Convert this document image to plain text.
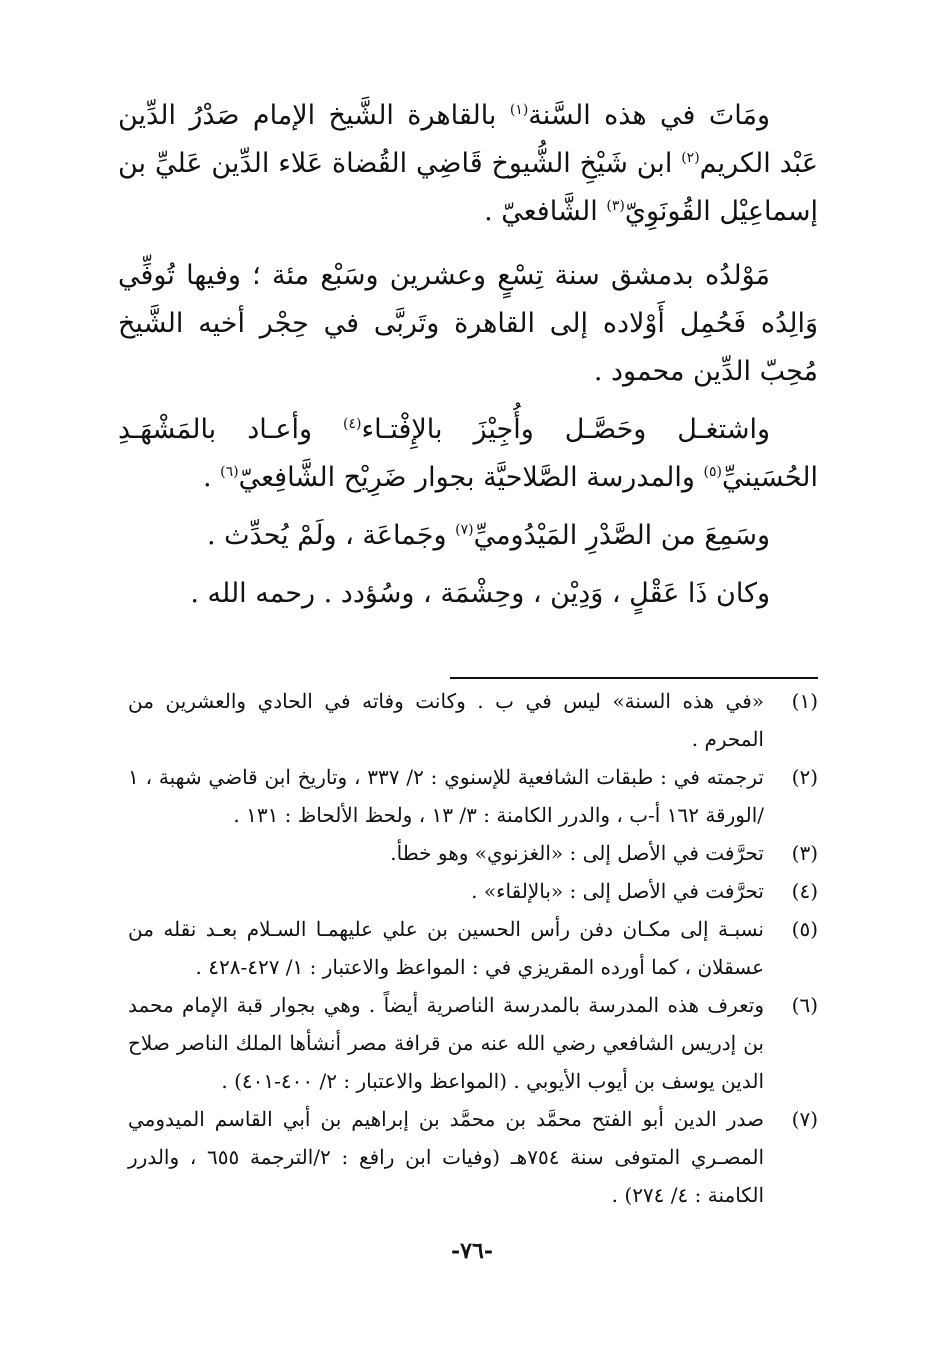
ومَاتَ في هذه السَّنة$^{(١)}$ بالقاهرة الشَّيخ الإمام صَدْرُ الدِّين عَبْد الكريم$^{(٢)}$ ابن شَيْخِ الشُّيوخ قَاضِي القُضاة عَلاء الدِّين عَليِّ بن إسماعِيْل القُونَوِيّ$^{(٣)}$ الشَّافعيّ .

مَوْلدُه بدمشق سنة تِسْعٍ وعشرين وسَبْع مئة ؛ وفيها تُوفِّي وَالِدُه فَحُمِل أَوْلاده إلى القاهرة وتَربَّى في حِجْر أخيه الشَّيخ مُحِبّ الدِّين محمود .

واشتغـل وحَصَّـل وأُجِيْزَ بالإِفْتـاء$^{(٤)}$ وأعـاد بالمَشْهَـدِ الحُسَينيِّ$^{(٥)}$ والمدرسة الصَّلاحيَّة بجوار ضَرِيْح الشَّافِعيّ$^{(٦)}$ .

وسَمِعَ من الصَّدْرِ المَيْدُوميِّ$^{(٧)}$ وجَماعَة ، ولَمْ يُحدِّث .

وكان ذَا عَقْلٍ ، وَدِيْن ، وحِشْمَة ، وسُؤدد . رحمه الله .

(١)
«في هذه السنة» ليس في ب . وكانت وفاته في الحادي والعشرين من المحرم .
(٢)
ترجمته في : طبقات الشافعية للإسنوي : ٢/ ٣٣٧ ، وتاريخ ابن قاضي شهبة ، ١ /الورقة ١٦٢ أ-ب ، والدرر الكامنة : ٣/ ١٣ ، ولحظ الألحاظ : ١٣١ .
(٣)
تحرَّفت في الأصل إلى : «الغزنوي» وهو خطأ.
(٤)
تحرَّفت في الأصل إلى : «بالإلقاء» .
(٥)
نسبـة إلى مكـان دفن رأس الحسين بن علي عليهمـا السـلام بعـد نقله من عسقلان ، كما أورده المقريزي في : المواعظ والاعتبار : ١/ ٤٢٧-٤٢٨ .
(٦)
وتعرف هذه المدرسة بالمدرسة الناصرية أيضاً . وهي بجوار قبة الإمام محمد بن إدريس الشافعي رضي الله عنه من قرافة مصر أنشأها الملك الناصر صلاح الدين يوسف بن أيوب الأيوبي . (المواعظ والاعتبار : ٢/ ٤٠٠-٤٠١) .
(٧)
صدر الدين أبو الفتح محمَّد بن محمَّد بن إبراهيم بن أبي القاسم الميدومي المصـري المتوفى سنة ٧٥٤هـ (وفيات ابن رافع : ٢/الترجمة ٦٥٥ ، والدرر الكامنة : ٤/ ٢٧٤) .
-٧٦-
